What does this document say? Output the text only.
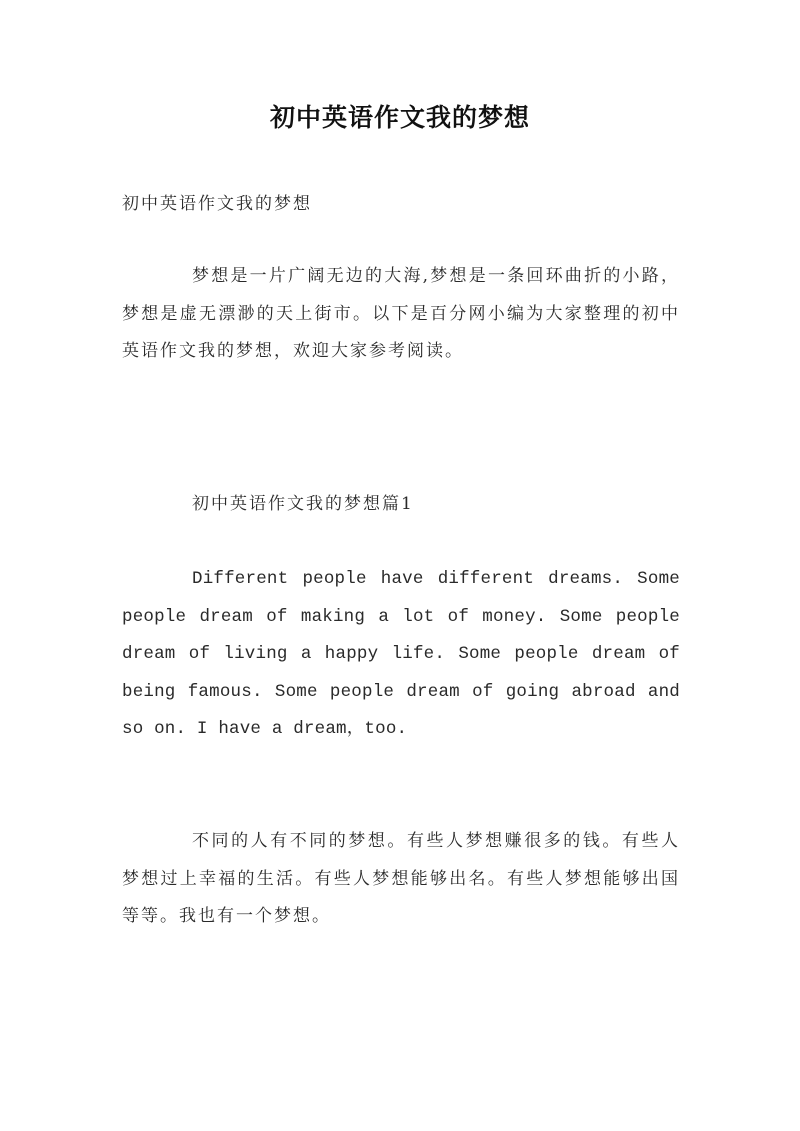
初中英语作文我的梦想

初中英语作文我的梦想

梦想是一片广阔无边的大海,梦想是一条回环曲折的小路，梦想是虚无漂渺的天上街市。以下是百分网小编为大家整理的初中英语作文我的梦想，欢迎大家参考阅读。

初中英语作文我的梦想篇1

Different people have different dreams. Some people dream of making a lot of money. Some people dream of living a happy life. Some people dream of being famous. Some people dream of going abroad and so on. I have a dream，too.

不同的人有不同的梦想。有些人梦想赚很多的钱。有些人梦想过上幸福的生活。有些人梦想能够出名。有些人梦想能够出国等等。我也有一个梦想。
